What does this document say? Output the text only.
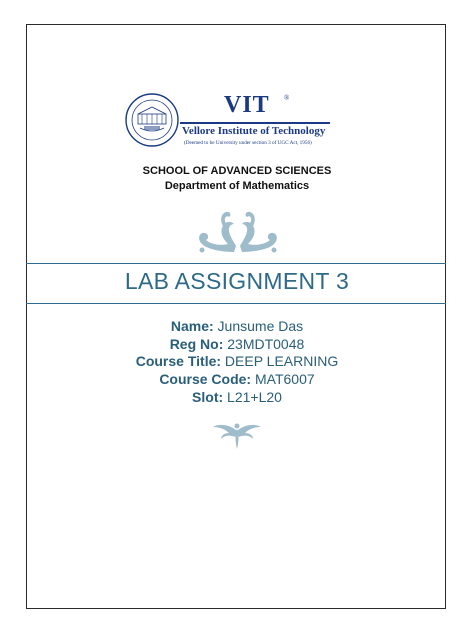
VIT ®
Vellore Institute of Technology
(Deemed to be University under section 3 of UGC Act, 1956)
SCHOOL OF ADVANCED SCIENCES
Department of Mathematics
LAB ASSIGNMENT 3
Name: Junsume Das
Reg No: 23MDT0048
Course Title: DEEP LEARNING
Course Code: MAT6007
Slot: L21+L20
